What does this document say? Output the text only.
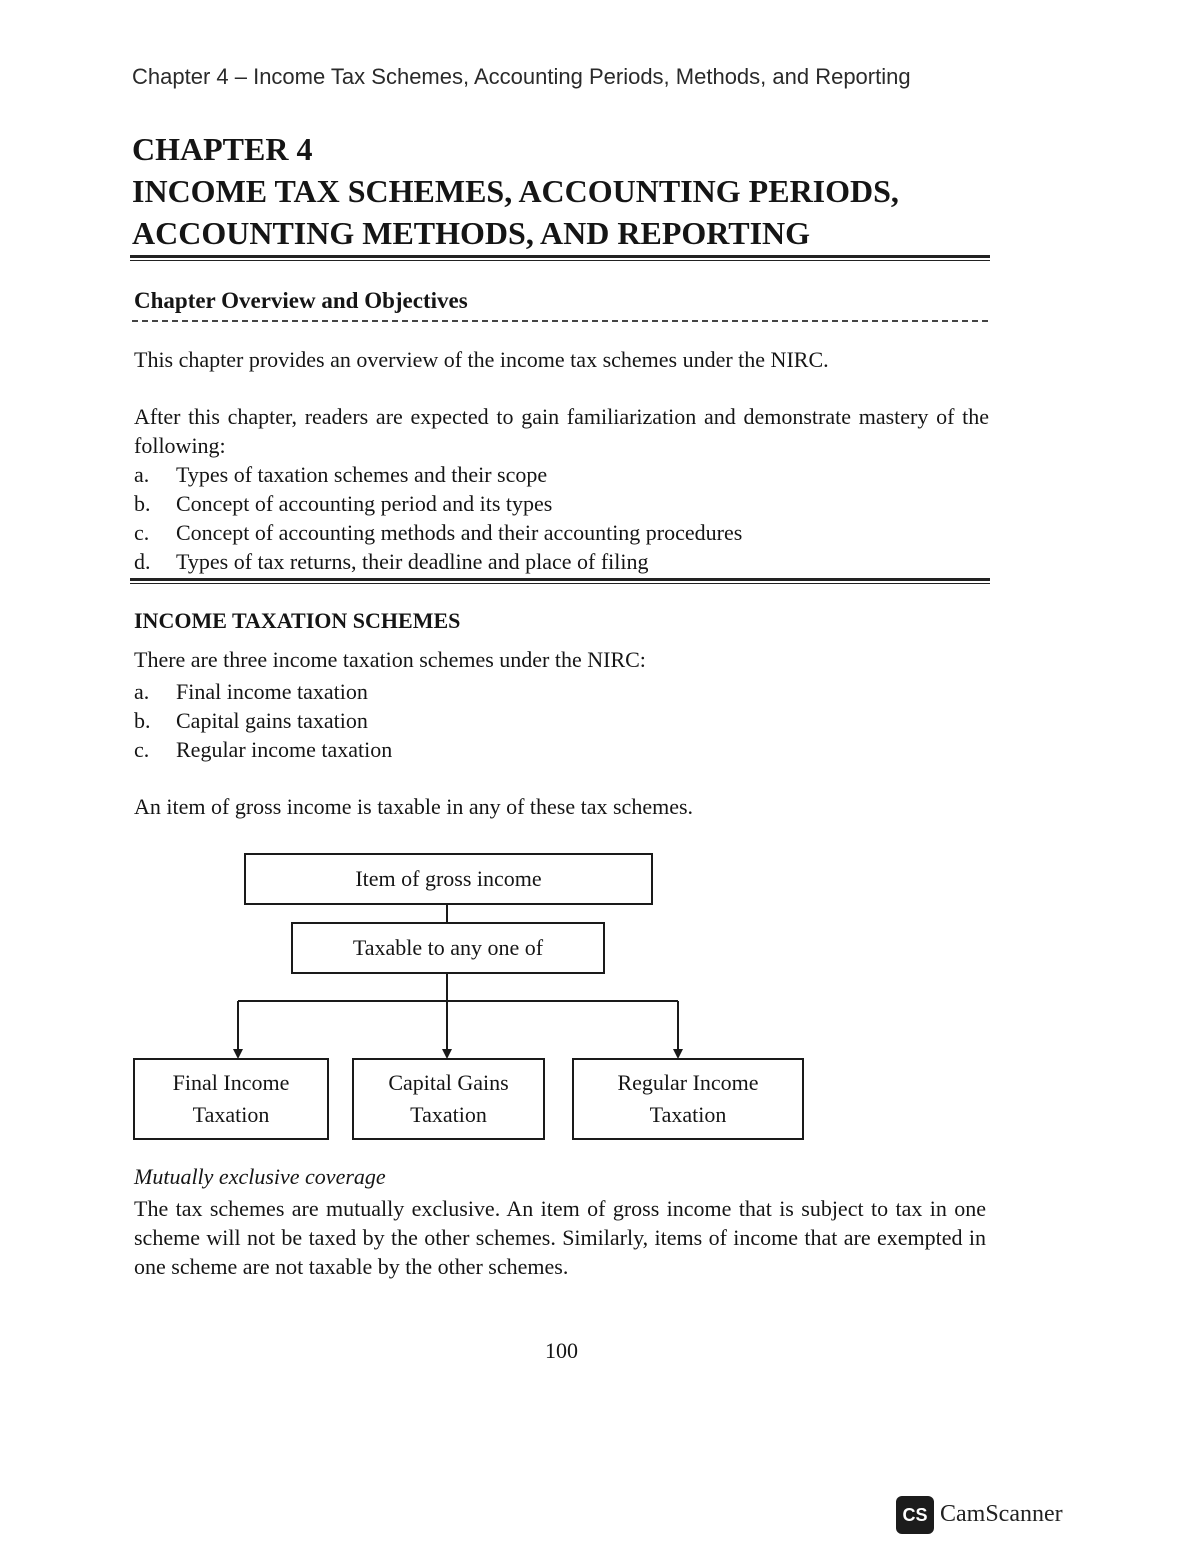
Chapter 4 – Income Tax Schemes, Accounting Periods, Methods, and Reporting
CHAPTER 4
INCOME TAX SCHEMES, ACCOUNTING PERIODS,
ACCOUNTING METHODS, AND REPORTING
Chapter Overview and Objectives
This chapter provides an overview of the income tax schemes under the NIRC.
After this chapter, readers are expected to gain familiarization and demonstrate mastery of the following:
a.	Types of taxation schemes and their scope
b.	Concept of accounting period and its types
c.	Concept of accounting methods and their accounting procedures
d.	Types of tax returns, their deadline and place of filing
INCOME TAXATION SCHEMES
There are three income taxation schemes under the NIRC:
a.	Final income taxation
b.	Capital gains taxation
c.	Regular income taxation
An item of gross income is taxable in any of these tax schemes.
Item of gross income
Taxable to any one of
Final Income
Taxation
Capital Gains
Taxation
Regular Income
Taxation
Mutually exclusive coverage
The tax schemes are mutually exclusive. An item of gross income that is subject to tax in one scheme will not be taxed by the other schemes. Similarly, items of income that are exempted in one scheme are not taxable by the other schemes.
100
CS CamScanner
